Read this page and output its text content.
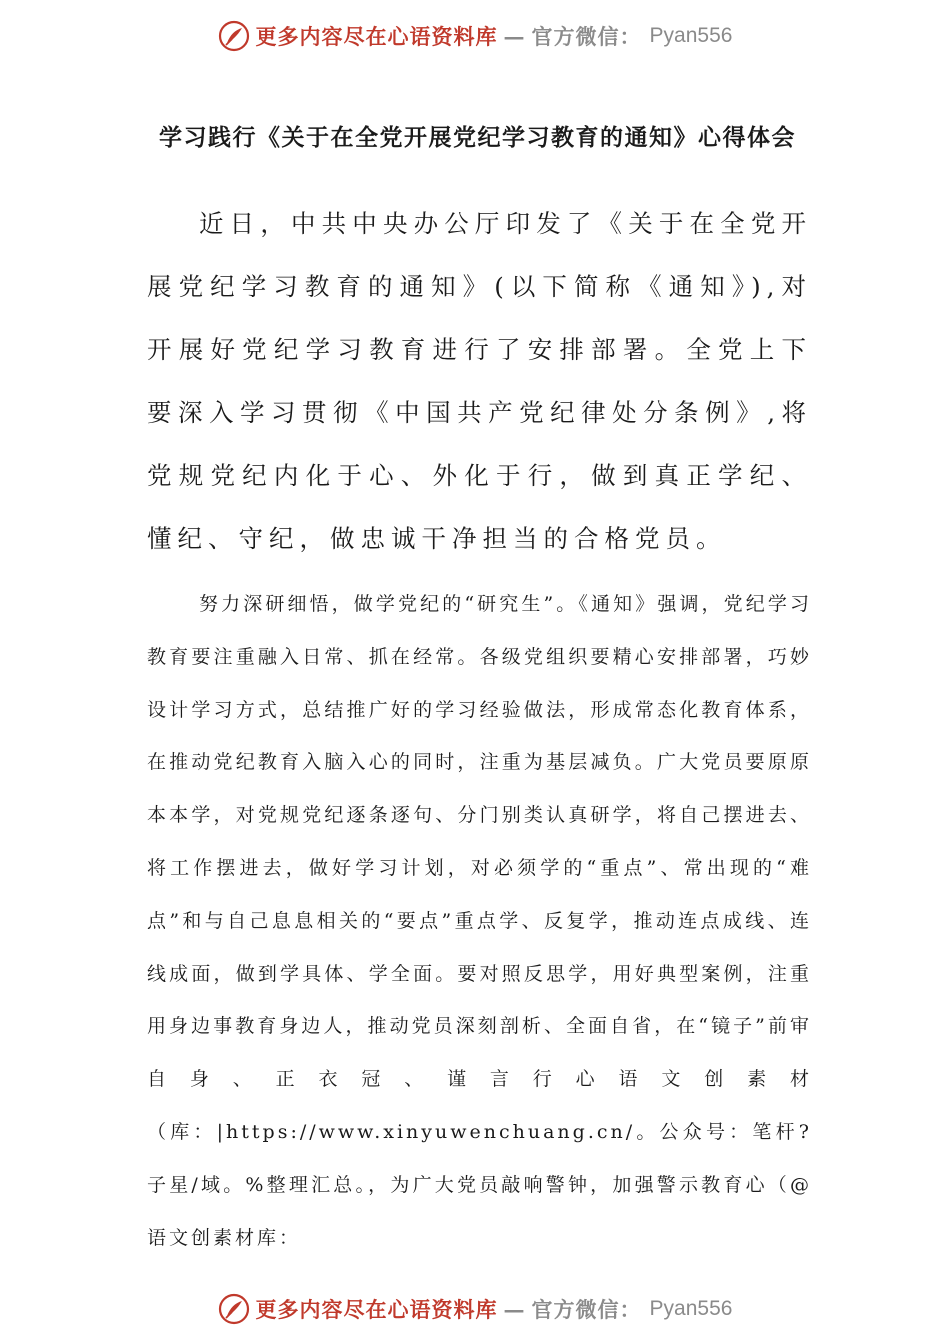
更多内容尽在心语资料库 — 官方微信： Pyan556
学习践行《关于在全党开展党纪学习教育的通知》心得体会

近日，中共中央办公厅印发了《关于在全党开展党纪学习教育的通知》(以下简称《通知》),对开展好党纪学习教育进行了安排部署。全党上下要深入学习贯彻《中国共产党纪律处分条例》,将党规党纪内化于心、外化于行，做到真正学纪、懂纪、守纪，做忠诚干净担当的合格党员。

努力深研细悟，做学党纪的“研究生”。《通知》强调，党纪学习教育要注重融入日常、抓在经常。各级党组织要精心安排部署，巧妙设计学习方式，总结推广好的学习经验做法，形成常态化教育体系，在推动党纪教育入脑入心的同时，注重为基层减负。广大党员要原原本本学，对党规党纪逐条逐句、分门别类认真研学，将自己摆进去、将工作摆进去，做好学习计划，对必须学的“重点”、常出现的“难点”和与自己息息相关的“要点”重点学、反复学，推动连点成线、连线成面，做到学具体、学全面。要对照反思学，用好典型案例，注重用身边事教育身边人，推动党员深刻剖析、全面自省，在“镜子”前审自身、正衣冠、谨言行心语文创素材（库：|https://www.xinyuwenchuang.cn/。公众号：笔杆?子星/域。%整理汇总。，为广大党员敲响警钟，加强警示教育心（@语文创素材库：

更多内容尽在心语资料库 — 官方微信： Pyan556
